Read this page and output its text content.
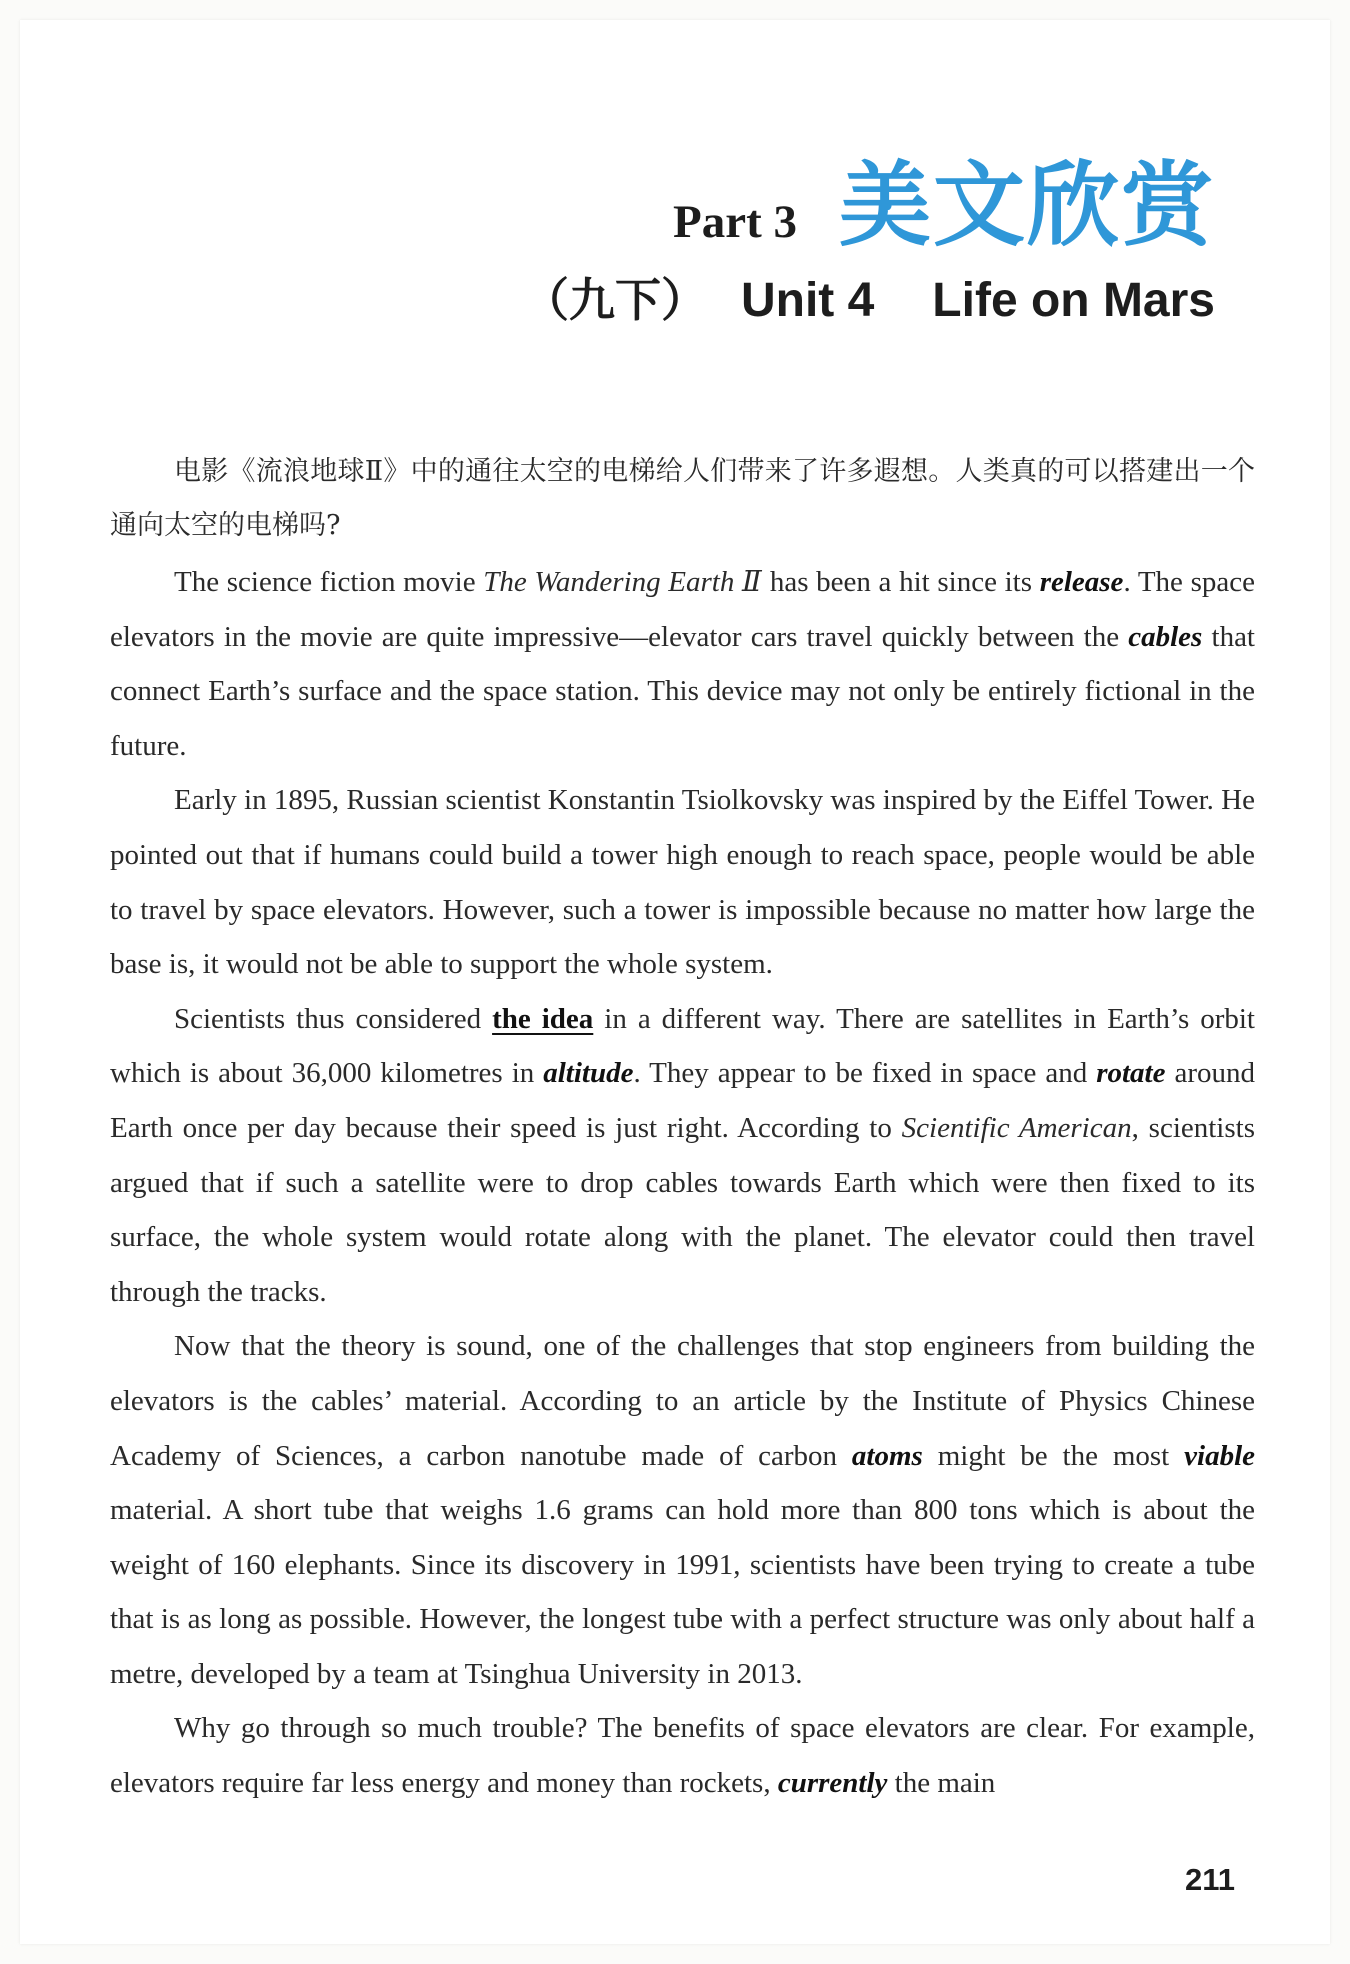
Part 3 美文欣赏
（九下） Unit 4 Life on Mars

电影《流浪地球Ⅱ》中的通往太空的电梯给人们带来了许多遐想。人类真的可以搭建出一个通向太空的电梯吗?

The science fiction movie The Wandering Earth Ⅱ has been a hit since its release. The space elevators in the movie are quite impressive—elevator cars travel quickly between the cables that connect Earth’s surface and the space station. This device may not only be entirely fictional in the future.

Early in 1895, Russian scientist Konstantin Tsiolkovsky was inspired by the Eiffel Tower. He pointed out that if humans could build a tower high enough to reach space, people would be able to travel by space elevators. However, such a tower is impossible because no matter how large the base is, it would not be able to support the whole system.

Scientists thus considered the idea in a different way. There are satellites in Earth’s orbit which is about 36,000 kilometres in altitude. They appear to be fixed in space and rotate around Earth once per day because their speed is just right. According to Scientific American, scientists argued that if such a satellite were to drop cables towards Earth which were then fixed to its surface, the whole system would rotate along with the planet. The elevator could then travel through the tracks.

Now that the theory is sound, one of the challenges that stop engineers from building the elevators is the cables’ material. According to an article by the Institute of Physics Chinese Academy of Sciences, a carbon nanotube made of carbon atoms might be the most viable material. A short tube that weighs 1.6 grams can hold more than 800 tons which is about the weight of 160 elephants. Since its discovery in 1991, scientists have been trying to create a tube that is as long as possible. However, the longest tube with a perfect structure was only about half a metre, developed by a team at Tsinghua University in 2013.

Why go through so much trouble? The benefits of space elevators are clear. For example, elevators require far less energy and money than rockets, currently the main

211
